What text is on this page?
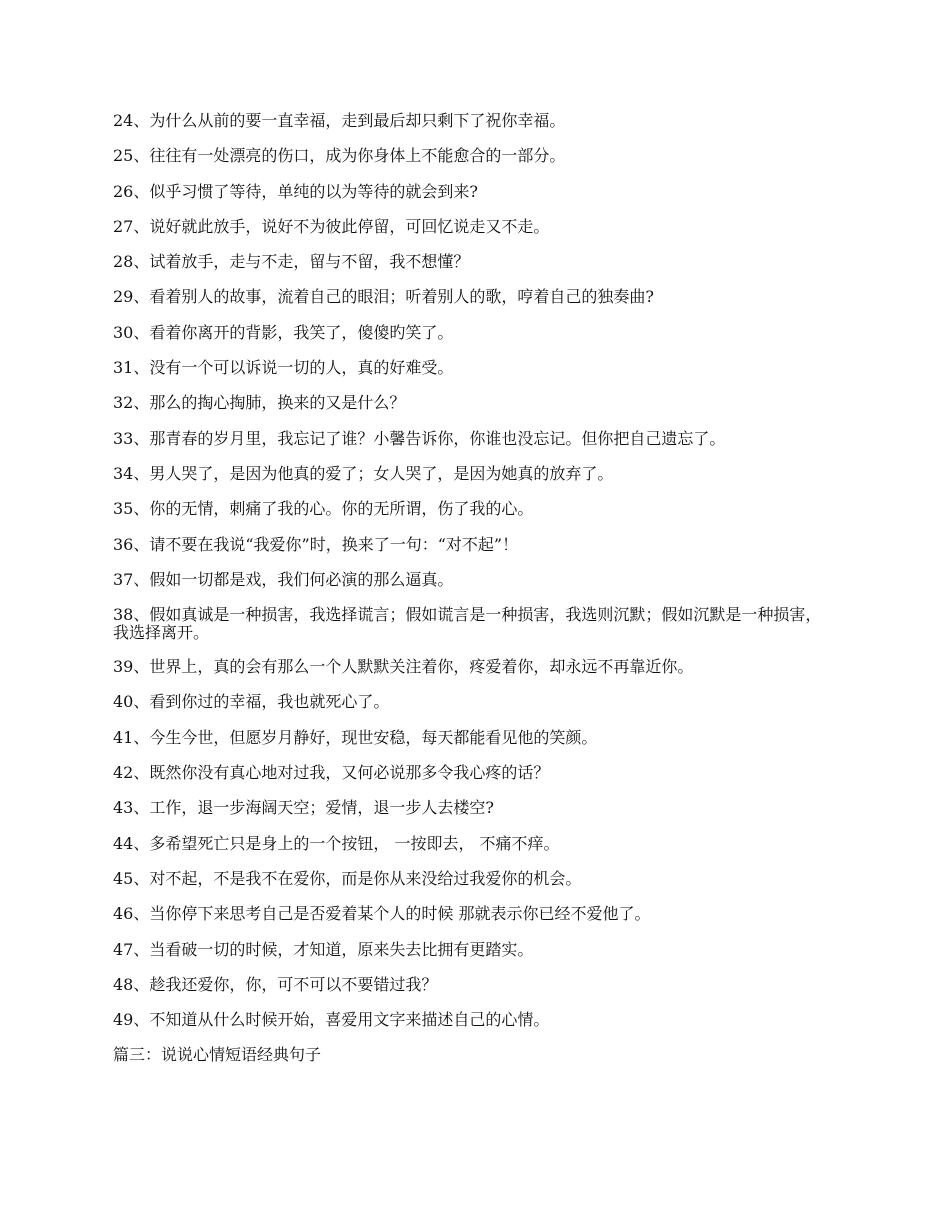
24、为什么从前的要一直幸福，走到最后却只剩下了祝你幸福。

25、往往有一处漂亮的伤口，成为你身体上不能愈合的一部分。

26、似乎习惯了等待，单纯的以为等待的就会到来?

27、说好就此放手，说好不为彼此停留，可回忆说走又不走。

28、试着放手，走与不走，留与不留，我不想懂？

29、看着别人的故事，流着自己的眼泪；听着别人的歌，哼着自己的独奏曲?

30、看着你离开的背影，我笑了，傻傻旳笑了。

31、没有一个可以诉说一切的人，真的好难受。

32、那么的掏心掏肺，换来的又是什么？

33、那青春的岁月里，我忘记了谁？小馨告诉你，你谁也没忘记。但你把自己遗忘了。

34、男人哭了，是因为他真的爱了；女人哭了，是因为她真的放弃了。

35、你的无情，刺痛了我的心。你的无所谓，伤了我的心。

36、请不要在我说“我爱你”时，换来了一句：“对不起”！

37、假如一切都是戏，我们何必演的那么逼真。

38、假如真诚是一种损害，我选择谎言；假如谎言是一种损害，我选则沉默；假如沉默是一种损害，我选择离开。

39、世界上，真的会有那么一个人默默关注着你，疼爱着你，却永远不再靠近你。

40、看到你过的幸福，我也就死心了。

41、今生今世，但愿岁月静好，现世安稳，每天都能看见他的笑颜。

42、既然你没有真心地对过我，又何必说那多令我心疼的话？

43、工作，退一步海阔天空；爱情，退一步人去楼空?

44、多希望死亡只是身上的一个按钮， 一按即去， 不痛不痒。

45、对不起，不是我不在爱你，而是你从来没给过我爱你的机会。

46、当你停下来思考自己是否爱着某个人的时候 那就表示你已经不爱他了。

47、当看破一切的时候，才知道，原来失去比拥有更踏实。

48、趁我还爱你，你，可不可以不要错过我？

49、不知道从什么时候开始，喜爱用文字来描述自己的心情。

篇三：说说心情短语经典句子
